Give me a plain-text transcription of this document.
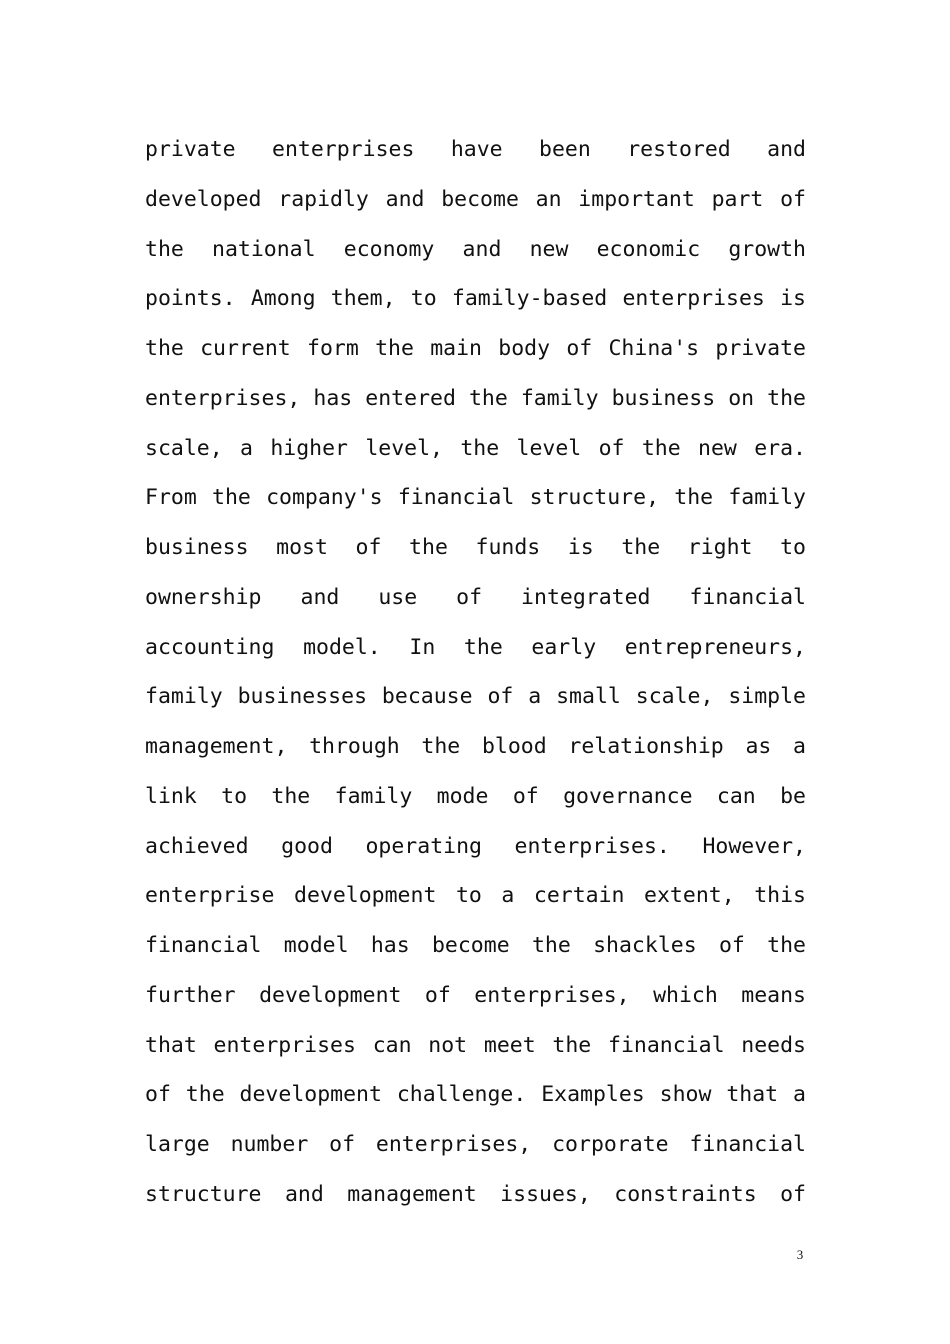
private enterprises have been restored and
developed rapidly and become an important part of
the national economy and new economic growth
points. Among them, to family-based enterprises is
the current form the main body of China's private
enterprises, has entered the family business on the
scale, a higher level, the level of the new era.
From the company's financial structure, the family
business most of the funds is the right to
ownership and use of integrated financial
accounting model. In the early entrepreneurs,
family businesses because of a small scale, simple
management, through the blood relationship as a
link to the family mode of governance can be
achieved good operating enterprises. However,
enterprise development to a certain extent, this
financial model has become the shackles of the
further development of enterprises, which means
that enterprises can not meet the financial needs
of the development challenge. Examples show that a
large number of enterprises, corporate financial
structure and management issues, constraints of
3
